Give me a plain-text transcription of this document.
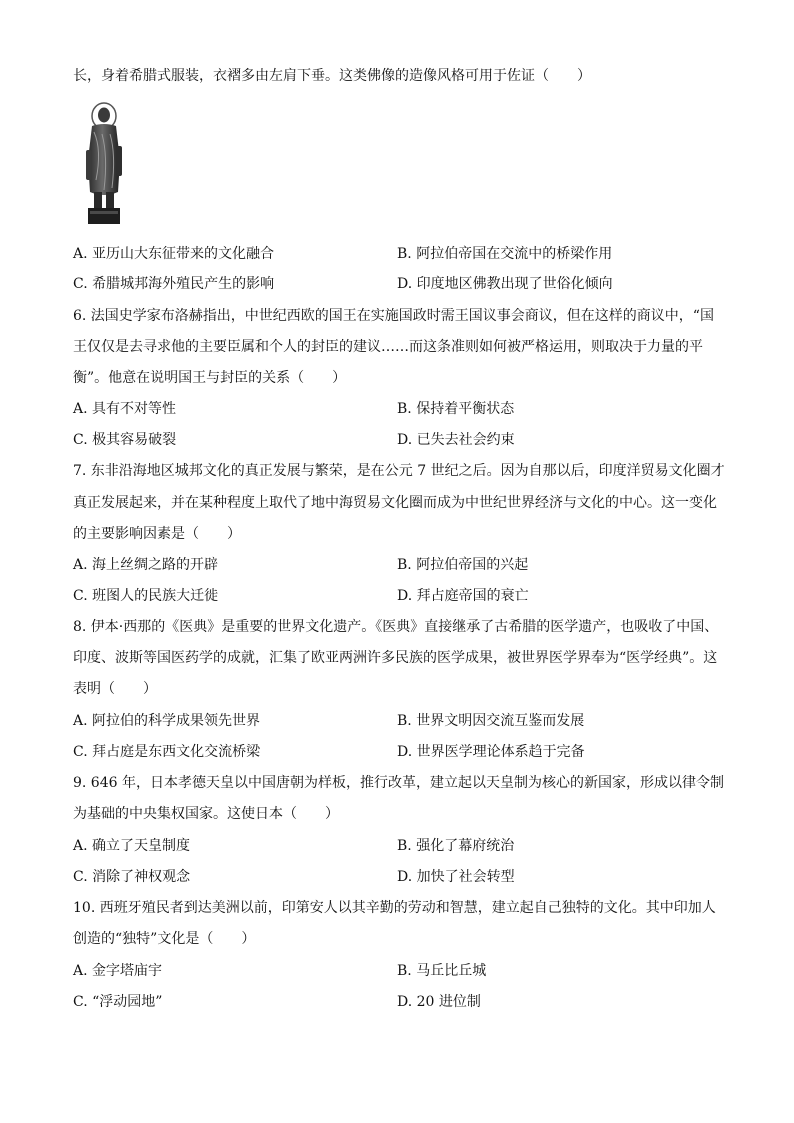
长，身着希腊式服装，衣褶多由左肩下垂。这类佛像的造像风格可用于佐证（　　）
A. 亚历山大东征带来的文化融合	B. 阿拉伯帝国在交流中的桥梁作用
C. 希腊城邦海外殖民产生的影响	D. 印度地区佛教出现了世俗化倾向
6. 法国史学家布洛赫指出，中世纪西欧的国王在实施国政时需王国议事会商议，但在这样的商议中，“国
王仅仅是去寻求他的主要臣属和个人的封臣的建议……而这条准则如何被严格运用，则取决于力量的平
衡”。他意在说明国王与封臣的关系（　　）
A. 具有不对等性	B. 保持着平衡状态
C. 极其容易破裂	D. 已失去社会约束
7. 东非沿海地区城邦文化的真正发展与繁荣，是在公元 7 世纪之后。因为自那以后，印度洋贸易文化圈才
真正发展起来，并在某种程度上取代了地中海贸易文化圈而成为中世纪世界经济与文化的中心。这一变化
的主要影响因素是（　　）
A. 海上丝绸之路的开辟	B. 阿拉伯帝国的兴起
C. 班图人的民族大迁徙	D. 拜占庭帝国的衰亡
8. 伊本·西那的《医典》是重要的世界文化遗产。《医典》直接继承了古希腊的医学遗产，也吸收了中国、
印度、波斯等国医药学的成就，汇集了欧亚两洲许多民族的医学成果，被世界医学界奉为“医学经典”。这
表明（　　）
A. 阿拉伯的科学成果领先世界	B. 世界文明因交流互鉴而发展
C. 拜占庭是东西文化交流桥梁	D. 世界医学理论体系趋于完备
9. 646 年，日本孝德天皇以中国唐朝为样板，推行改革，建立起以天皇制为核心的新国家，形成以律令制
为基础的中央集权国家。这使日本（　　）
A. 确立了天皇制度	B. 强化了幕府统治
C. 消除了神权观念	D. 加快了社会转型
10. 西班牙殖民者到达美洲以前，印第安人以其辛勤的劳动和智慧，建立起自己独特的文化。其中印加人
创造的“独特”文化是（　　）
A. 金字塔庙宇	B. 马丘比丘城
C. “浮动园地”	D. 20 进位制
